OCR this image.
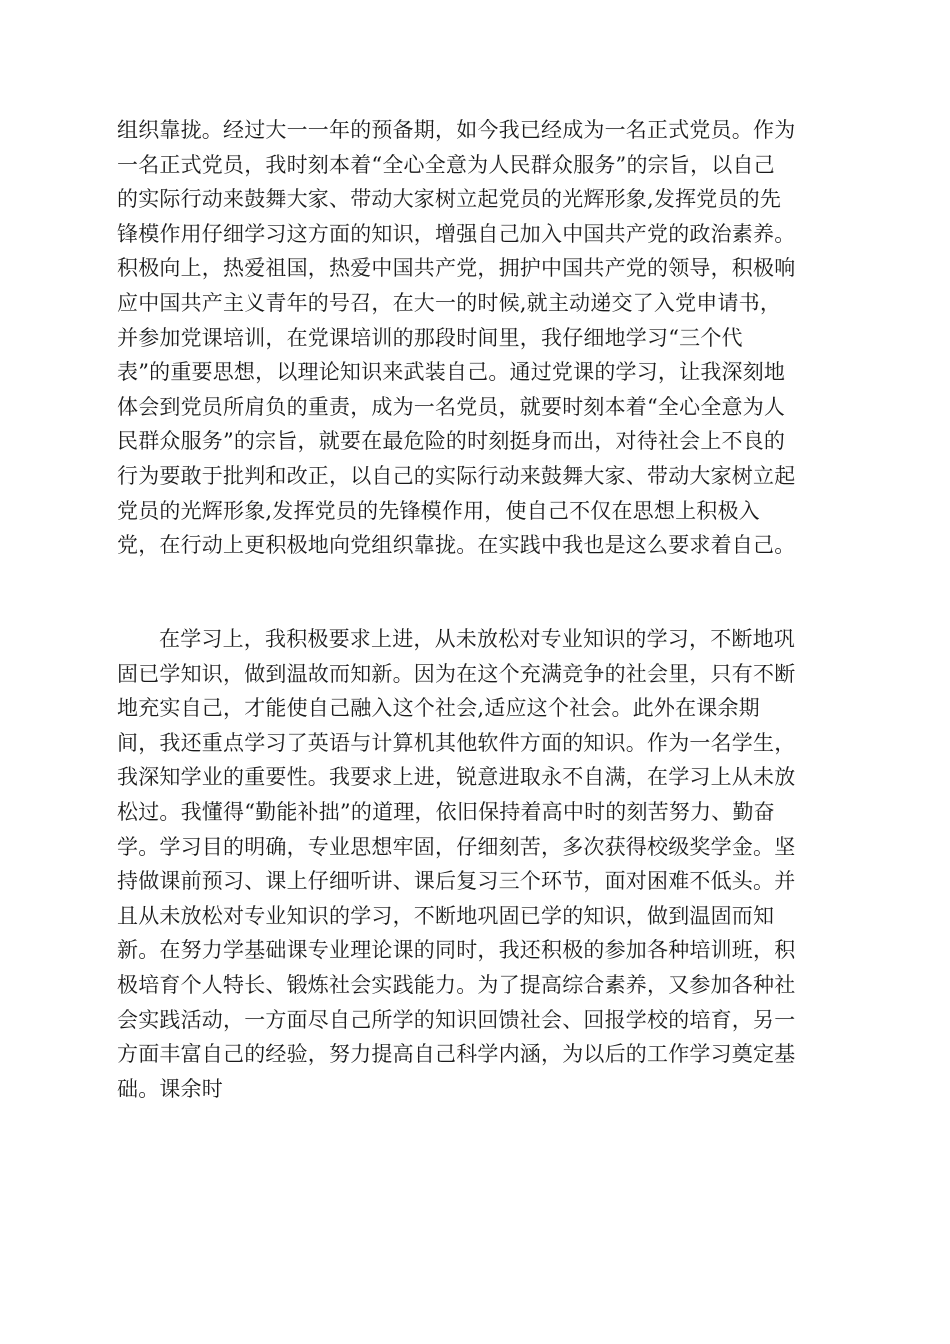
组织靠拢。经过大一一年的预备期，如今我已经成为一名正式党员。作为
一名正式党员，我时刻本着“全心全意为人民群众服务”的宗旨，以自己
的实际行动来鼓舞大家、带动大家树立起党员的光辉形象,发挥党员的先
锋模作用仔细学习这方面的知识，增强自己加入中国共产党的政治素养。
积极向上，热爱祖国，热爱中国共产党，拥护中国共产党的领导，积极响
应中国共产主义青年的号召，在大一的时候,就主动递交了入党申请书，
并参加党课培训，在党课培训的那段时间里，我仔细地学习“三个代
表”的重要思想，以理论知识来武装自己。通过党课的学习，让我深刻地
体会到党员所肩负的重责，成为一名党员，就要时刻本着“全心全意为人
民群众服务”的宗旨，就要在最危险的时刻挺身而出，对待社会上不良的
行为要敢于批判和改正，以自己的实际行动来鼓舞大家、带动大家树立起
党员的光辉形象,发挥党员的先锋模作用，使自己不仅在思想上积极入
党，在行动上更积极地向党组织靠拢。在实践中我也是这么要求着自己。
在学习上，我积极要求上进，从未放松对专业知识的学习，不断地巩
固已学知识，做到温故而知新。因为在这个充满竞争的社会里，只有不断
地充实自己，才能使自己融入这个社会,适应这个社会。此外在课余期
间，我还重点学习了英语与计算机其他软件方面的知识。作为一名学生，
我深知学业的重要性。我要求上进，锐意进取永不自满，在学习上从未放
松过。我懂得“勤能补拙”的道理，依旧保持着高中时的刻苦努力、勤奋
学。学习目的明确，专业思想牢固，仔细刻苦，多次获得校级奖学金。坚
持做课前预习、课上仔细听讲、课后复习三个环节，面对困难不低头。并
且从未放松对专业知识的学习，不断地巩固已学的知识，做到温固而知
新。在努力学基础课专业理论课的同时，我还积极的参加各种培训班，积
极培育个人特长、锻炼社会实践能力。为了提高综合素养，又参加各种社
会实践活动，一方面尽自己所学的知识回馈社会、回报学校的培育，另一
方面丰富自己的经验，努力提高自己科学内涵，为以后的工作学习奠定基
础。课余时
